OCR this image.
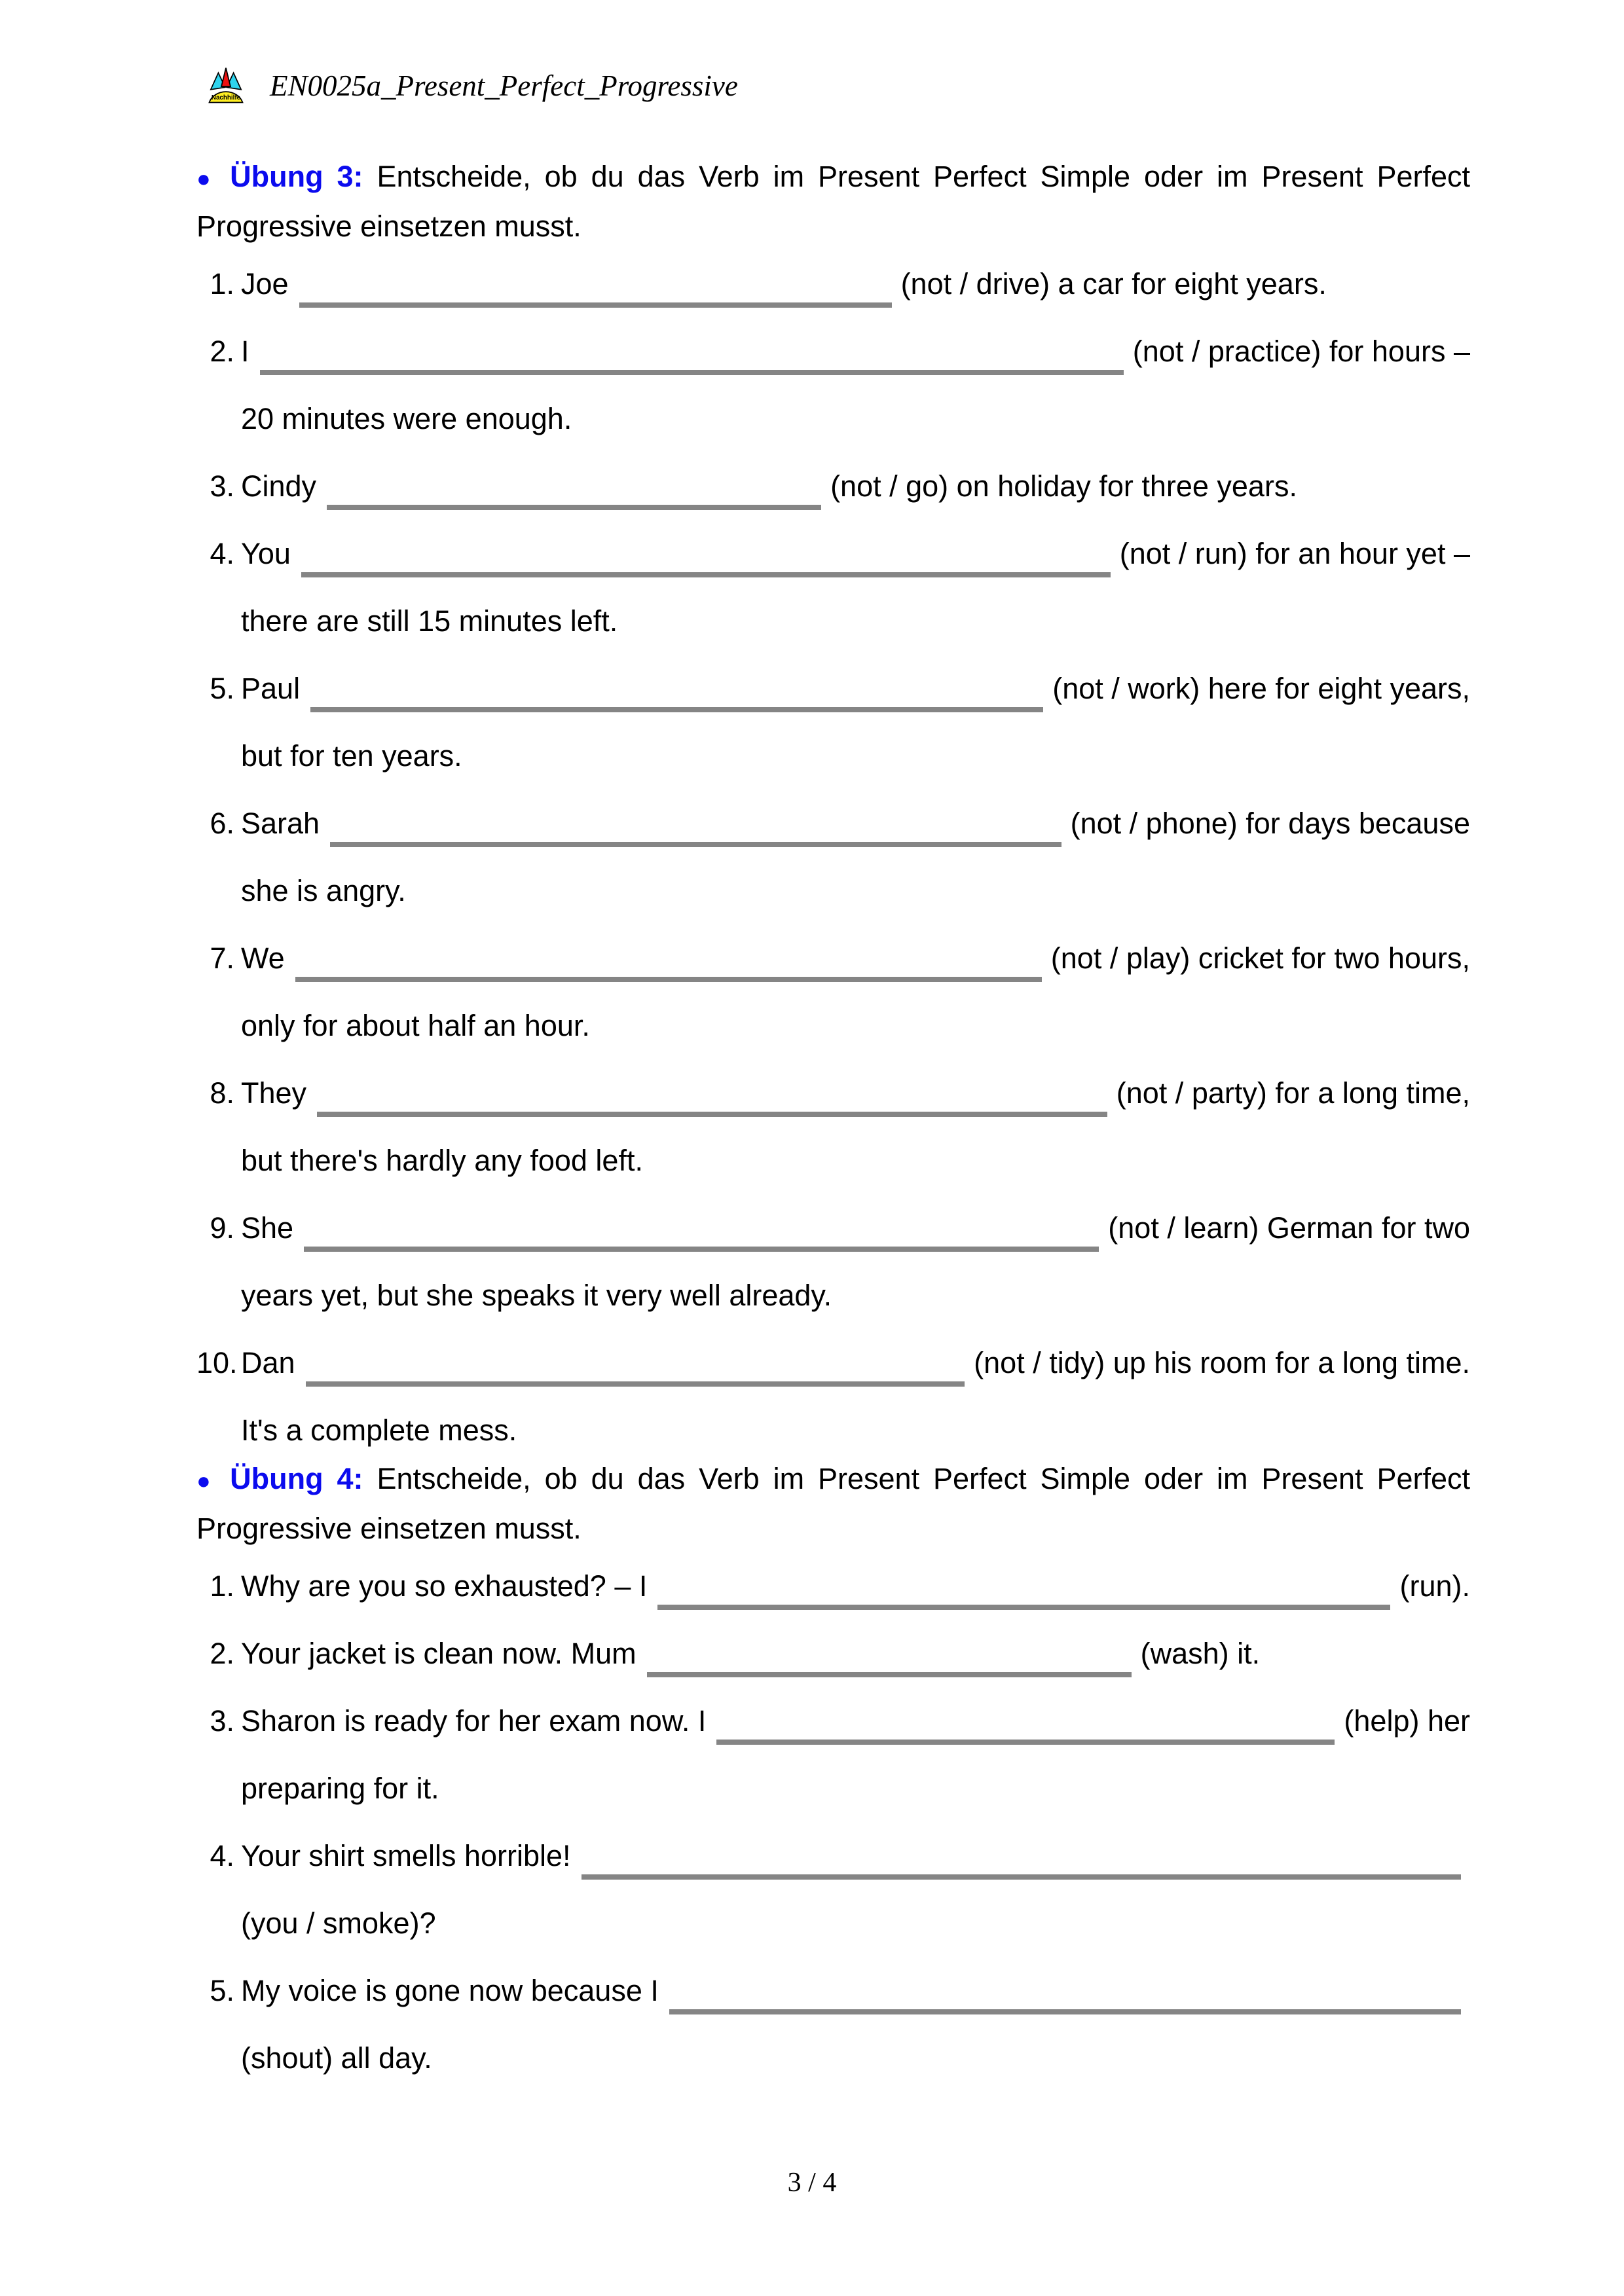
Nachhilfe EN0025a_Present_Perfect_Progressive
● Übung 3: Entscheide, ob du das Verb im Present Perfect Simple oder im Present Perfect Progressive einsetzen musst.
1. Joe	(not / drive) a car for eight years.
2. I	(not / practice) for hours –
20 minutes were enough.
3. Cindy	(not / go) on holiday for three years.
4. You	(not / run) for an hour yet –
there are still 15 minutes left.
5. Paul	(not / work) here for eight years,
but for ten years.
6. Sarah	(not / phone) for days because
she is angry.
7. We	(not / play) cricket for two hours,
only for about half an hour.
8. They	(not / party) for a long time,
but there's hardly any food left.
9. She	(not / learn) German for two
years yet, but she speaks it very well already.
10. Dan	(not / tidy) up his room for a long time.
It's a complete mess.
● Übung 4: Entscheide, ob du das Verb im Present Perfect Simple oder im Present Perfect Progressive einsetzen musst.
1. Why are you so exhausted? – I	(run).
2. Your jacket is clean now. Mum	(wash) it.
3. Sharon is ready for her exam now. I	(help) her
preparing for it.
4. Your shirt smells horrible!
(you / smoke)?
5. My voice is gone now because I
(shout) all day.
3 / 4
